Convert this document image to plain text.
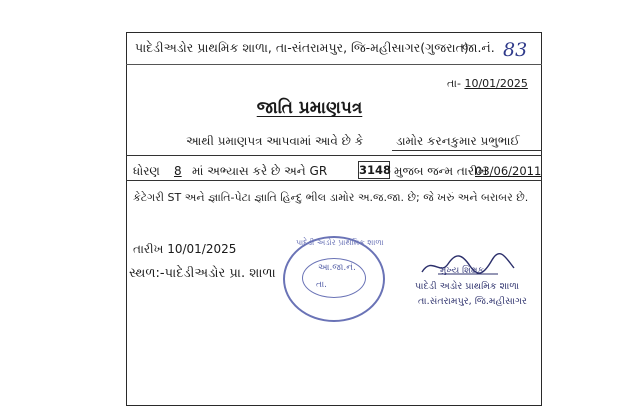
પાદેડીઅડોર પ્રાથમિક શાળા, તા-સંતરામપુર, જિ-મહીસાગર(ગુજરાત)
જા.નં. 83
તા- 10/01/2025
જાતિ પ્રમાણપત્ર
આથી પ્રમાણપત્ર આપવામાં આવે છે કે	ડામોર કરનકુમાર પ્રભુભાઈ
ધોરણ 8 માં અભ્યાસ કરે છે અને GR	3148 મુજબ જન્મ તારીખ
03/06/2011
કેટેગરી ST અને જ્ઞાતિ-પેટા જ્ઞાતિ હિન્દુ ભીલ ડામોર અ.જ.જા. છે; જે ખરું અને બરાબર છે.
તારીખ 10/01/2025
સ્થળ:-પાદેડીઅડોર પ્રા. શાળા
પાદેડી અડોર પ્રાથમિક શાળા
આ.જા.નં.
તા.
મુખ્ય શિક્ષક
પાદેડી અડોર પ્રાથમિક શાળા
તા.સંતરામપુર, જિ.મહીસાગર
